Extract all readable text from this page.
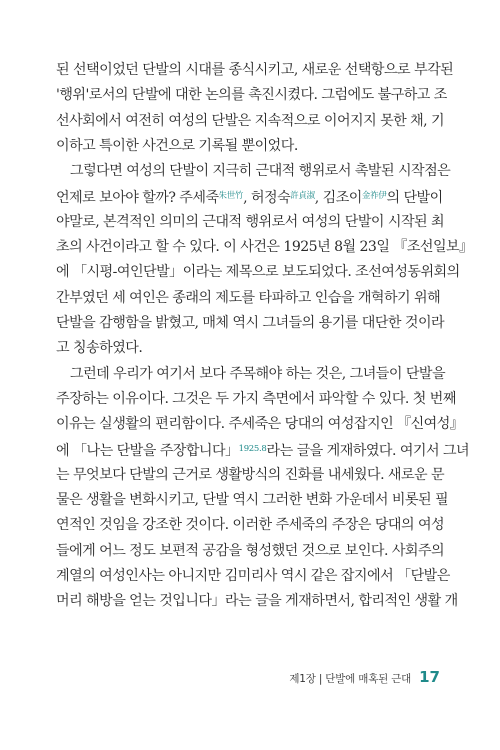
된 선택이었던 단발의 시대를 종식시키고, 새로운 선택항으로 부각된
'행위'로서의 단발에 대한 논의를 촉진시켰다. 그럼에도 불구하고 조
선사회에서 여전히 여성의 단발은 지속적으로 이어지지 못한 채, 기
이하고 특이한 사건으로 기록될 뿐이었다.
그렇다면 여성의 단발이 지극히 근대적 행위로서 촉발된 시작점은
언제로 보아야 할까? 주세죽$^{朱世竹}$, 허정숙$^{許貞淑}$, 김조이$^{金祚伊}$의 단발이
야말로, 본격적인 의미의 근대적 행위로서 여성의 단발이 시작된 최
초의 사건이라고 할 수 있다. 이 사건은 1925년 8월 23일 『조선일보』
에 「시평-여인단발」이라는 제목으로 보도되었다. 조선여성동위회의
간부였던 세 여인은 종래의 제도를 타파하고 인습을 개혁하기 위해
단발을 감행함을 밝혔고, 매체 역시 그녀들의 용기를 대단한 것이라
고 칭송하였다.
그런데 우리가 여기서 보다 주목해야 하는 것은, 그녀들이 단발을
주장하는 이유이다. 그것은 두 가지 측면에서 파악할 수 있다. 첫 번째
이유는 실생활의 편리함이다. 주세죽은 당대의 여성잡지인 『신여성』
에 「나는 단발을 주장합니다」$^{1925.8}$라는 글을 게재하였다. 여기서 그녀
는 무엇보다 단발의 근거로 생활방식의 진화를 내세웠다. 새로운 문
물은 생활을 변화시키고, 단발 역시 그러한 변화 가운데서 비롯된 필
연적인 것임을 강조한 것이다. 이러한 주세죽의 주장은 당대의 여성
들에게 어느 정도 보편적 공감을 형성했던 것으로 보인다. 사회주의
계열의 여성인사는 아니지만 김미리사 역시 같은 잡지에서 「단발은
머리 해방을 얻는 것입니다」라는 글을 게재하면서, 합리적인 생활 개
제1장 | 단발에 매혹된 근대 17
